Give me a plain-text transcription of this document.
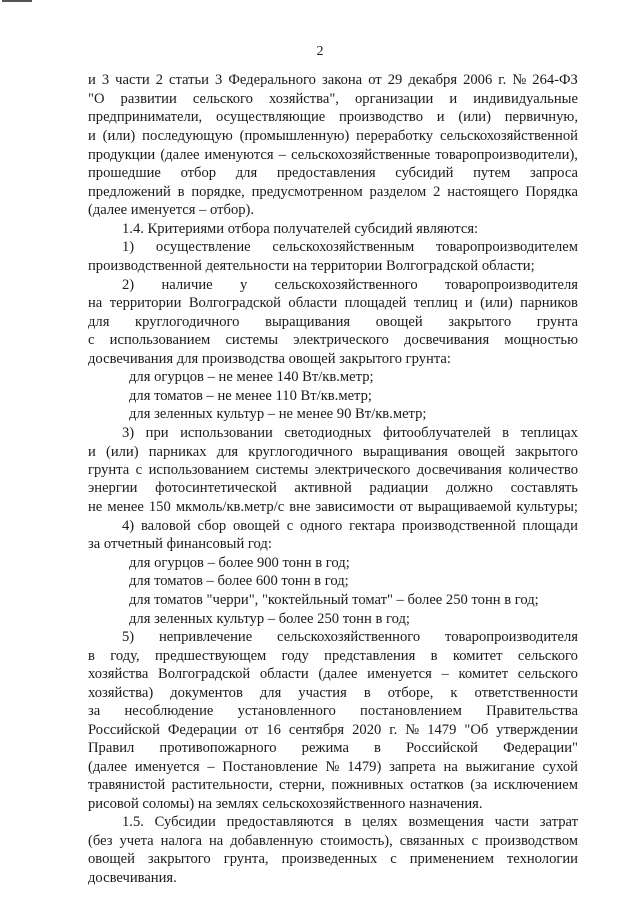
2
и 3 части 2 статьи 3 Федерального закона от 29 декабря 2006 г. № 264-ФЗ
"О развитии сельского хозяйства", организации и индивидуальные
предприниматели, осуществляющие производство и (или) первичную,
и (или) последующую (промышленную) переработку сельскохозяйственной
продукции (далее именуются – сельскохозяйственные товаропроизводители),
прошедшие отбор для предоставления субсидий путем запроса
предложений в порядке, предусмотренном разделом 2 настоящего Порядка
(далее именуется – отбор).
1.4. Критериями отбора получателей субсидий являются:
1) осуществление сельскохозяйственным товаропроизводителем
производственной деятельности на территории Волгоградской области;
2) наличие у сельскохозяйственного товаропроизводителя
на территории Волгоградской области площадей теплиц и (или) парников
для круглогодичного выращивания овощей закрытого грунта
с использованием системы электрического досвечивания мощностью
досвечивания для производства овощей закрытого грунта:
для огурцов – не менее 140 Вт/кв.метр;
для томатов – не менее 110 Вт/кв.метр;
для зеленных культур – не менее 90 Вт/кв.метр;
3) при использовании светодиодных фитооблучателей в теплицах
и (или) парниках для круглогодичного выращивания овощей закрытого
грунта с использованием системы электрического досвечивания количество
энергии фотосинтетической активной радиации должно составлять
не менее 150 мкмоль/кв.метр/с вне зависимости от выращиваемой культуры;
4) валовой сбор овощей с одного гектара производственной площади
за отчетный финансовый год:
для огурцов – более 900 тонн в год;
для томатов – более 600 тонн в год;
для томатов "черри", "коктейльный томат" – более 250 тонн в год;
для зеленных культур – более 250 тонн в год;
5) непривлечение сельскохозяйственного товаропроизводителя
в году, предшествующем году представления в комитет сельского
хозяйства Волгоградской области (далее именуется – комитет сельского
хозяйства) документов для участия в отборе, к ответственности
за несоблюдение установленного постановлением Правительства
Российской Федерации от 16 сентября 2020 г. № 1479 "Об утверждении
Правил противопожарного режима в Российской Федерации"
(далее именуется – Постановление № 1479) запрета на выжигание сухой
травянистой растительности, стерни, пожнивных остатков (за исключением
рисовой соломы) на землях сельскохозяйственного назначения.
1.5. Субсидии предоставляются в целях возмещения части затрат
(без учета налога на добавленную стоимость), связанных с производством
овощей закрытого грунта, произведенных с применением технологии
досвечивания.
